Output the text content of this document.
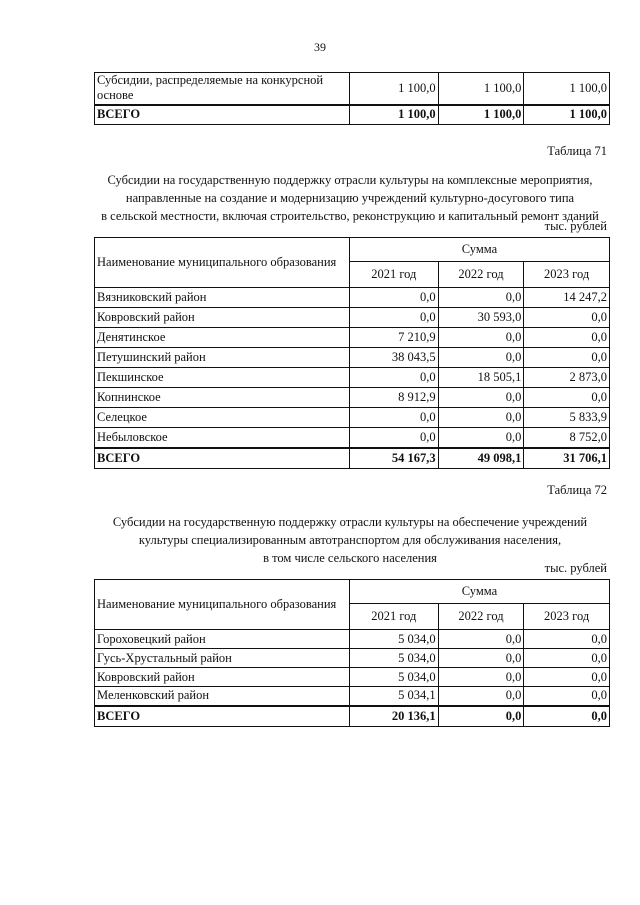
39
Субсидии, распределяемые на конкурсной основе	1 100,0	1 100,0	1 100,0
ВСЕГО	1 100,0	1 100,0	1 100,0
Таблица 71
Субсидии на государственную поддержку отрасли культуры на комплексные мероприятия,
направленные на создание и модернизацию учреждений культурно-досугового типа
в сельской местности, включая строительство, реконструкцию и капитальный ремонт зданий
тыс. рублей
Наименование муниципального образования	Сумма		
	2021 год	2022 год	2023 год
Вязниковский район	0,0	0,0	14 247,2
Ковровский район	0,0	30 593,0	0,0
Денятинское	7 210,9	0,0	0,0
Петушинский район	38 043,5	0,0	0,0
Пекшинское	0,0	18 505,1	2 873,0
Копнинское	8 912,9	0,0	0,0
Селецкое	0,0	0,0	5 833,9
Небыловское	0,0	0,0	8 752,0
ВСЕГО	54 167,3	49 098,1	31 706,1
Таблица 72
Субсидии на государственную поддержку отрасли культуры на обеспечение учреждений
культуры специализированным автотранспортом для обслуживания населения,
в том числе сельского населения
тыс. рублей
Наименование муниципального образования	Сумма		
	2021 год	2022 год	2023 год
Гороховецкий район	5 034,0	0,0	0,0
Гусь-Хрустальный район	5 034,0	0,0	0,0
Ковровский район	5 034,0	0,0	0,0
Меленковский район	5 034,1	0,0	0,0
ВСЕГО	20 136,1	0,0	0,0
